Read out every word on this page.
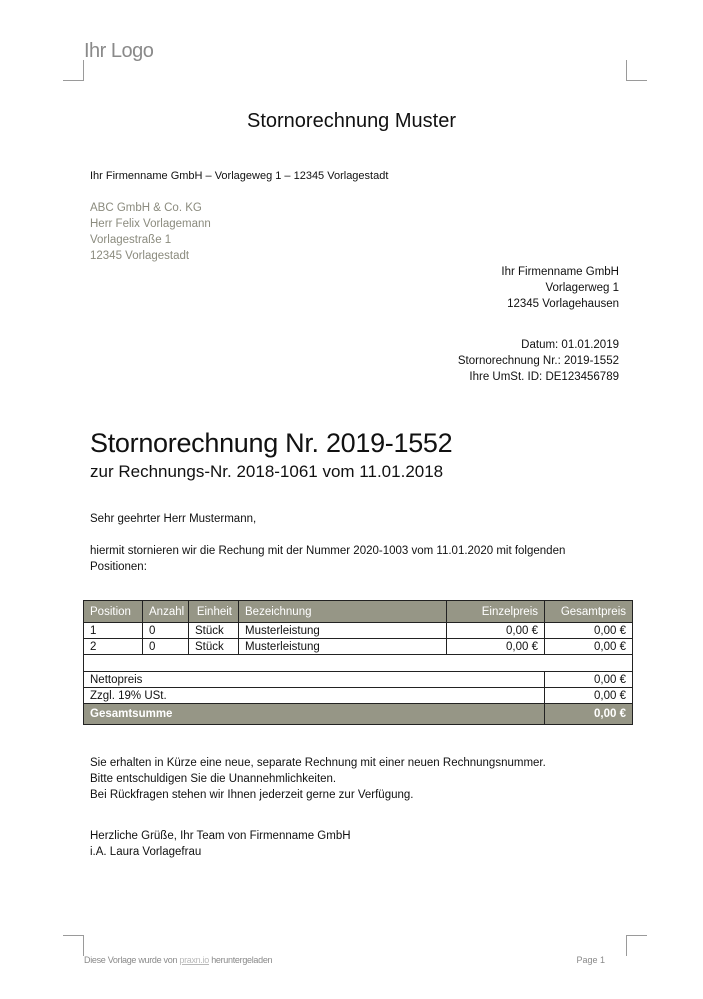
Ihr Logo
Stornorechnung Muster
Ihr Firmenname GmbH – Vorlageweg 1 – 12345 Vorlagestadt
ABC GmbH & Co. KG
Herr Felix Vorlagemann
Vorlagestraße 1
12345 Vorlagestadt
Ihr Firmenname GmbH
Vorlagerweg 1
12345 Vorlagehausen
Datum: 01.01.2019
Stornorechnung Nr.: 2019-1552
Ihre UmSt. ID: DE123456789
Stornorechnung Nr. 2019-1552
zur Rechnungs-Nr. 2018-1061 vom 11.01.2018
Sehr geehrter Herr Mustermann,
hiermit stornieren wir die Rechung mit der Nummer 2020-1003 vom 11.01.2020 mit folgenden
Positionen:
Position	Anzahl	Einheit	Bezeichnung	Einzelpreis	Gesamtpreis
1	0	Stück	Musterleistung	0,00 €	0,00 €
2	0	Stück	Musterleistung	0,00 €	0,00 €

Nettopreis					0,00 €
Zzgl. 19% USt.					0,00 €
Gesamtsumme					0,00 €
Sie erhalten in Kürze eine neue, separate Rechnung mit einer neuen Rechnungsnummer.
Bitte entschuldigen Sie die Unannehmlichkeiten.
Bei Rückfragen stehen wir Ihnen jederzeit gerne zur Verfügung.
Herzliche Grüße, Ihr Team von Firmenname GmbH
i.A. Laura Vorlagefrau
Diese Vorlage wurde von praxn.io heruntergeladen	Page 1
